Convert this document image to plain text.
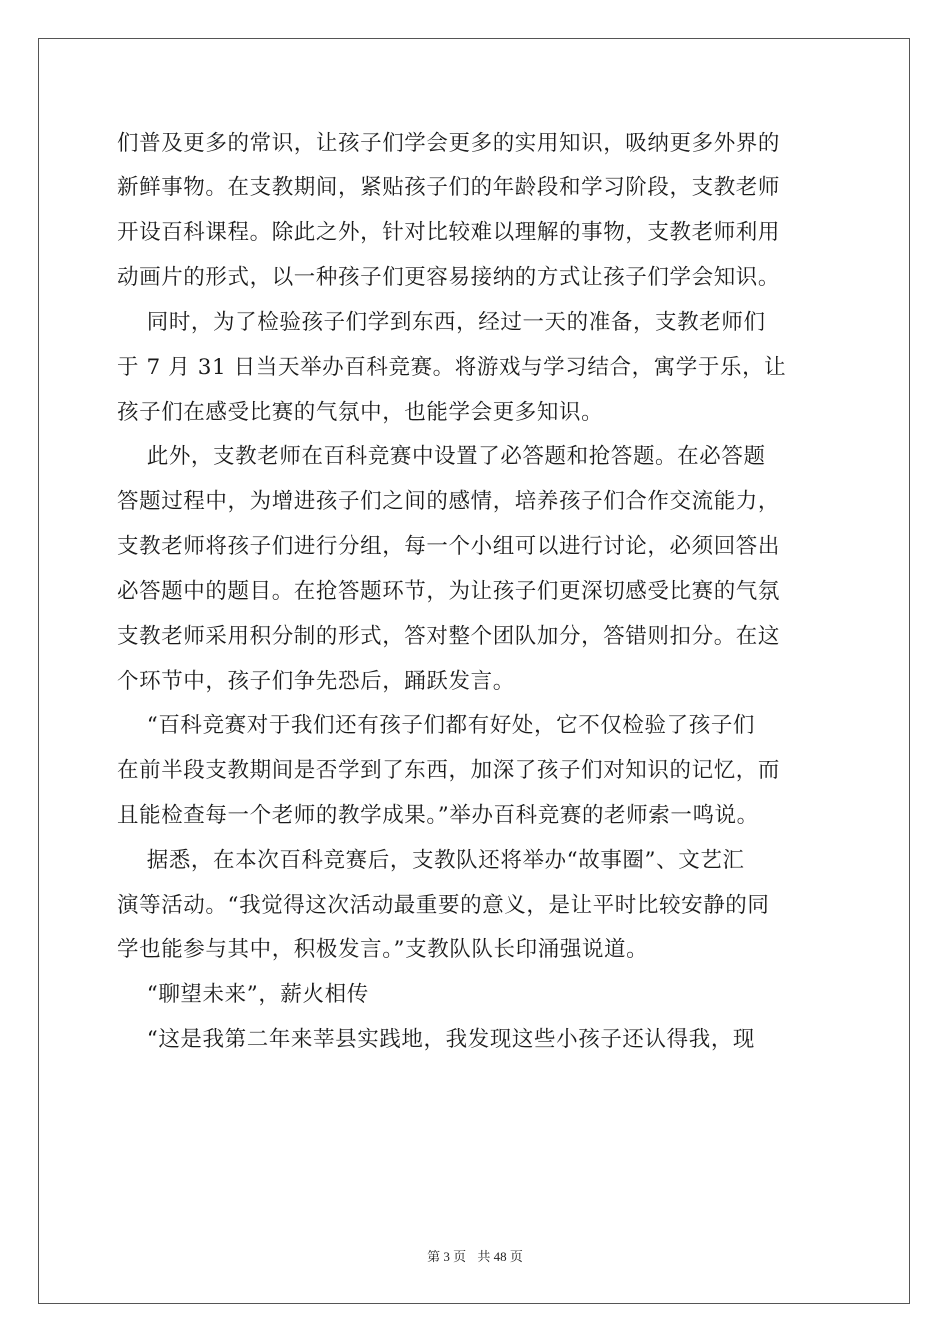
们普及更多的常识，让孩子们学会更多的实用知识，吸纳更多外界的
新鲜事物。在支教期间，紧贴孩子们的年龄段和学习阶段，支教老师
开设百科课程。除此之外，针对比较难以理解的事物，支教老师利用
动画片的形式，以一种孩子们更容易接纳的方式让孩子们学会知识。
同时，为了检验孩子们学到东西，经过一天的准备，支教老师们
于 7 月 31 日当天举办百科竞赛。将游戏与学习结合，寓学于乐，让
孩子们在感受比赛的气氛中，也能学会更多知识。
此外，支教老师在百科竞赛中设置了必答题和抢答题。在必答题
答题过程中，为增进孩子们之间的感情，培养孩子们合作交流能力，
支教老师将孩子们进行分组，每一个小组可以进行讨论，必须回答出
必答题中的题目。在抢答题环节，为让孩子们更深切感受比赛的气氛
支教老师采用积分制的形式，答对整个团队加分，答错则扣分。在这
个环节中，孩子们争先恐后，踊跃发言。
“百科竞赛对于我们还有孩子们都有好处，它不仅检验了孩子们
在前半段支教期间是否学到了东西，加深了孩子们对知识的记忆，而
且能检查每一个老师的教学成果。”举办百科竞赛的老师索一鸣说。
据悉，在本次百科竞赛后，支教队还将举办“故事圈”、文艺汇
演等活动。“我觉得这次活动最重要的意义，是让平时比较安静的同
学也能参与其中，积极发言。”支教队队长印涌强说道。
“聊望未来”，薪火相传
“这是我第二年来莘县实践地，我发现这些小孩子还认得我，现
第 3 页 共 48 页
